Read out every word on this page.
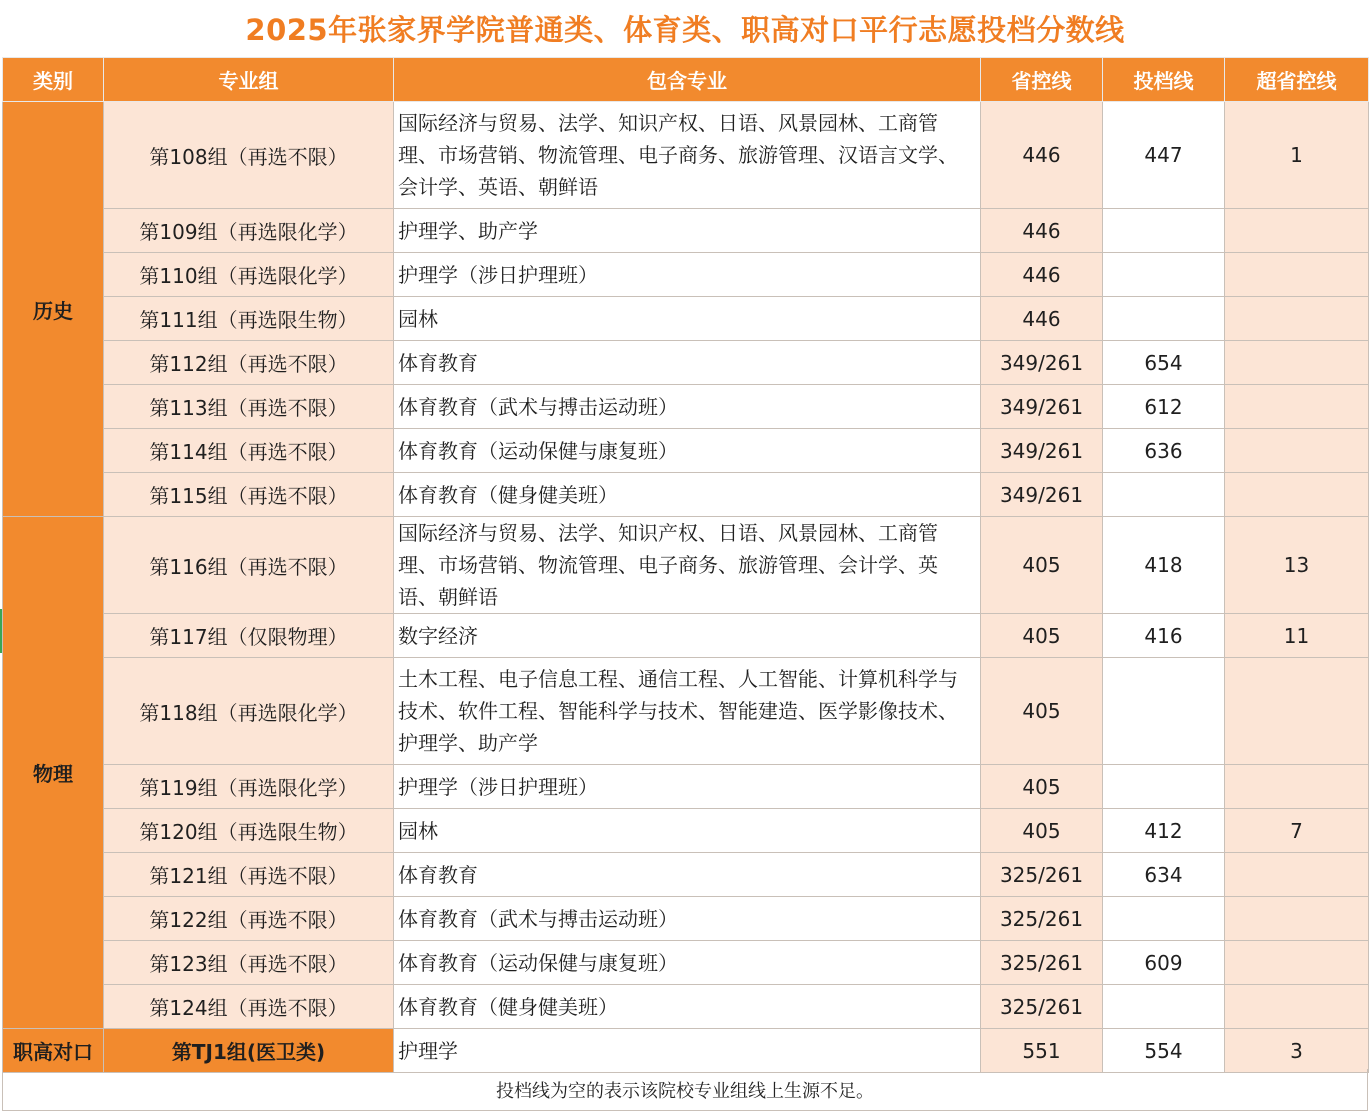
2025年张家界学院普通类、体育类、职高对口平行志愿投档分数线
类别	专业组	包含专业	省控线	投档线	超省控线
历史	第108组（再选不限）	国际经济与贸易、法学、知识产权、日语、风景园林、工商管理、市场营销、物流管理、电子商务、旅游管理、汉语言文学、会计学、英语、朝鲜语	446	447	1
	第109组（再选限化学）	护理学、助产学	446		
	第110组（再选限化学）	护理学（涉日护理班）	446		
	第111组（再选限生物）	园林	446		
	第112组（再选不限）	体育教育	349/261	654	
	第113组（再选不限）	体育教育（武术与搏击运动班）	349/261	612	
	第114组（再选不限）	体育教育（运动保健与康复班）	349/261	636	
	第115组（再选不限）	体育教育（健身健美班）	349/261		
物理	第116组（再选不限）	国际经济与贸易、法学、知识产权、日语、风景园林、工商管理、市场营销、物流管理、电子商务、旅游管理、会计学、英语、朝鲜语	405	418	13
	第117组（仅限物理）	数字经济	405	416	11
	第118组（再选限化学）	土木工程、电子信息工程、通信工程、人工智能、计算机科学与技术、软件工程、智能科学与技术、智能建造、医学影像技术、护理学、助产学	405		
	第119组（再选限化学）	护理学（涉日护理班）	405		
	第120组（再选限生物）	园林	405	412	7
	第121组（再选不限）	体育教育	325/261	634	
	第122组（再选不限）	体育教育（武术与搏击运动班）	325/261		
	第123组（再选不限）	体育教育（运动保健与康复班）	325/261	609	
	第124组（再选不限）	体育教育（健身健美班）	325/261		
职高对口	第TJ1组(医卫类)	护理学	551	554	3
投档线为空的表示该院校专业组线上生源不足。
